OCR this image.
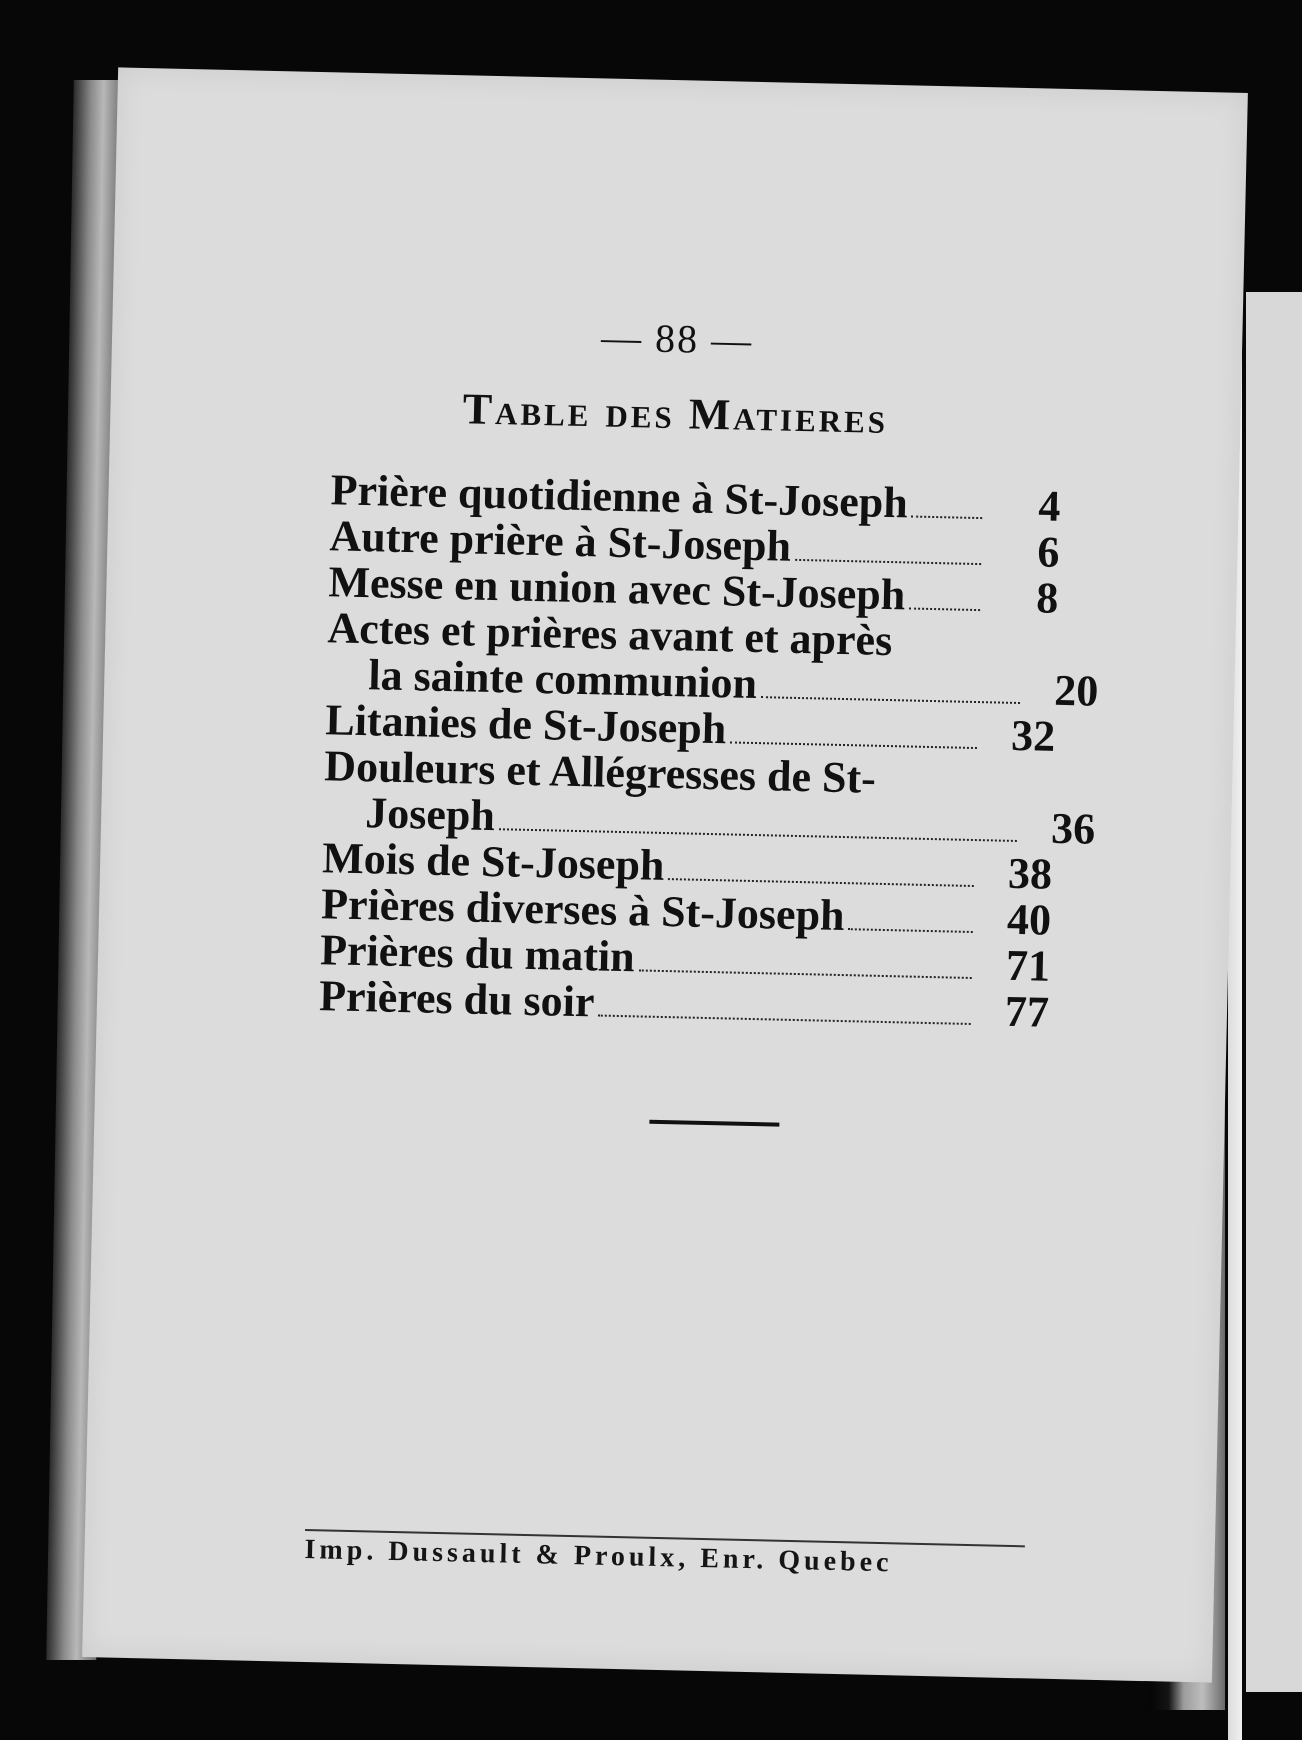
— 88 —
Table des Matieres
Prière quotidienne à St-Joseph	4
Autre prière à St-Joseph	6
Messe en union avec St-Joseph	8
Actes et prières avant et après
la sainte communion	20
Litanies de St-Joseph	32
Douleurs et Allégresses de St-
Joseph	36
Mois de St-Joseph	38
Prières diverses à St-Joseph	40
Prières du matin	71
Prières du soir	77
Imp. Dussault & Proulx, Enr. Quebec
